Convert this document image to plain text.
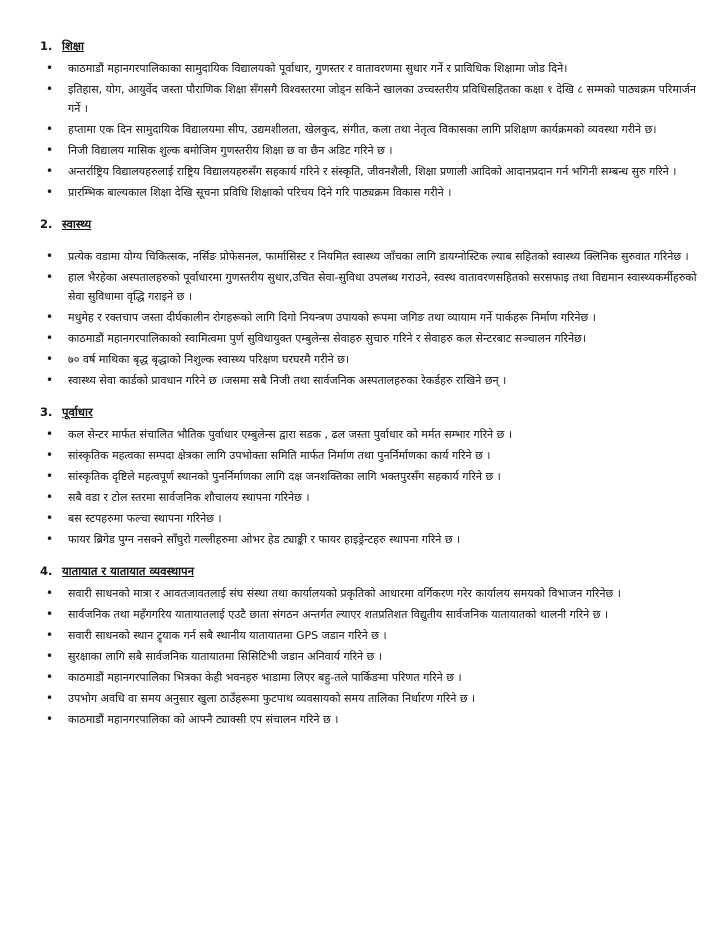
1. शिक्षा
• काठमाडौं महानगरपालिकाका सामुदायिक विद्यालयको पूर्वाधार, गुणस्तर र वातावरणमा सुधार गर्ने र प्राविधिक शिक्षामा जोड दिने।
• इतिहास, योग, आयुर्वेद जस्ता पौराणिक शिक्षा सँगसगै विश्वस्तरमा जोड्न सकिने खालका उच्चस्तरीय प्रविधिसहितका कक्षा १ देखि ८ सम्मको पाठ्यक्रम परिमार्जन गर्ने ।
• हप्तामा एक दिन सामुदायिक विद्यालयमा सीप, उद्यमशीलता, खेलकुद, संगीत, कला तथा नेतृत्व विकासका लागि प्रशिक्षण कार्यक्रमको व्यवस्था गरीने छ।
• निजी विद्यालय मासिक शुल्क बमोजिम गुणस्तरीय शिक्षा छ वा छैन अडिट गरिने छ ।
• अन्तर्राष्ट्रिय विद्यालयहरुलाई राष्ट्रिय विद्यालयहरुसँग सहकार्य गरिने र संस्कृति, जीवनशैली, शिक्षा प्रणाली आदिको आदानप्रदान गर्न भगिनी सम्बन्ध सुरु गरिने ।
• प्रारम्भिक बाल्यकाल शिक्षा देखि सूचना प्रविधि शिक्षाको परिचय दिने गरि पाठ्यक्रम विकास गरीने ।
2. स्वास्थ्य
• प्रत्येक वडामा योग्य चिकित्सक, नर्सिङ प्रोफेसनल, फार्मासिस्ट र नियमित स्वास्थ्य जाँचका लागि डायग्नोस्टिक ल्याब सहितको स्वास्थ्य क्लिनिक सुरुवात गरिनेछ ।
• हाल भैरहेका अस्पतालहरुको पूर्वाधारमा गुणस्तरीय सुधार,उचित सेवा-सुविधा उपलब्ध गराउने, स्वस्थ वातावरणसहितको सरसफाइ तथा विद्यमान स्वास्थ्यकर्मीहरुको सेवा सुविधामा वृद्धि गराइने छ ।
• मधुमेह र रक्तचाप जस्ता दीर्घकालीन रोगहरूको लागि दिगो नियन्त्रण उपायको रूपमा जगिङ तथा व्यायाम गर्ने पार्कहरू निर्माण गरिनेछ ।
• काठमाडौं महानगरपालिकाको स्वामित्वमा पुर्ण सुविधायुक्त एम्बुलेन्स सेवाहरु सुचारु गरिने र सेवाहरु कल सेन्टरबाट सञ्चालन गरिनेछ।
• ७० वर्ष माथिका बृद्ध बृद्धाको निशुल्क स्वास्थ्य परिक्षण घरघरमै गरीने छ।
• स्वास्थ्य सेवा कार्डको प्रावधान गरिने छ ।जसमा सबै निजी तथा सार्वजनिक अस्पतालहरुका रेकर्डहरु राखिने छन् ।
3. पूर्वाधार
• कल सेन्टर मार्फत संचालित भौतिक पुर्वाधार एम्बुलेन्स द्वारा सडक , ढल जस्ता पुर्वाधार को मर्मत सम्भार गरिने छ ।
• सांस्कृतिक महत्वका सम्पदा क्षेत्रका लागि उपभोक्ता समिति मार्फत निर्माण तथा पुनर्निर्माणका कार्य गरिने छ ।
• सांस्कृतिक दृष्टिले महत्वपूर्ण स्थानको पुनर्निर्माणका लागि दक्ष जनशक्तिका लागि भक्तपुरसँग सहकार्य गरिने छ ।
• सबै वडा र टोल स्तरमा सार्वजनिक शौचालय स्थापना गरिनेछ ।
• बस स्टपहरुमा फल्चा स्थापना गरिनेछ ।
• फायर ब्रिगेड पुग्न नसक्ने साँघुरो गल्लीहरुमा ओभर हेड ट्याङ्की र फायर हाइड्रेन्टहरु स्थापना गरिने छ ।
4. यातायात र यातायात व्यवस्थापन
• सवारी साधनको मात्रा र आवतजावतलाई संघ संस्था तथा कार्यालयको प्रकृतिको आधारमा वर्गिकरण गरेर कार्यालय समयको विभाजन गरिनेछ ।
• सार्वजनिक तथा महँगगरिय यातायातलाई एउटै छाता संगठन अन्तर्गत ल्याएर शतप्रतिशत विद्युतीय सार्वजनिक यातायातको थालनी गरिने छ ।
• सवारी साधनको स्थान ट्र्याक गर्न सबै स्थानीय यातायातमा GPS जडान गरिने छ ।
• सुरक्षाका लागि सबै सार्वजनिक यातायातमा सिसिटिभी जडान अनिवार्य गरिने छ ।
• काठमाडौं महानगरपालिका भित्रका केही भवनहरु भाडामा लिएर बहु-तले पार्किङमा परिणत गरिने छ ।
• उपभोग अवधि वा समय अनुसार खुला ठाउँहरूमा फुटपाथ व्यवसायको समय तालिका निर्धारण गरिने छ ।
• काठमाडौं महानगरपालिका को आफ्नै ट्याक्सी एप संचालन गरिने छ ।
